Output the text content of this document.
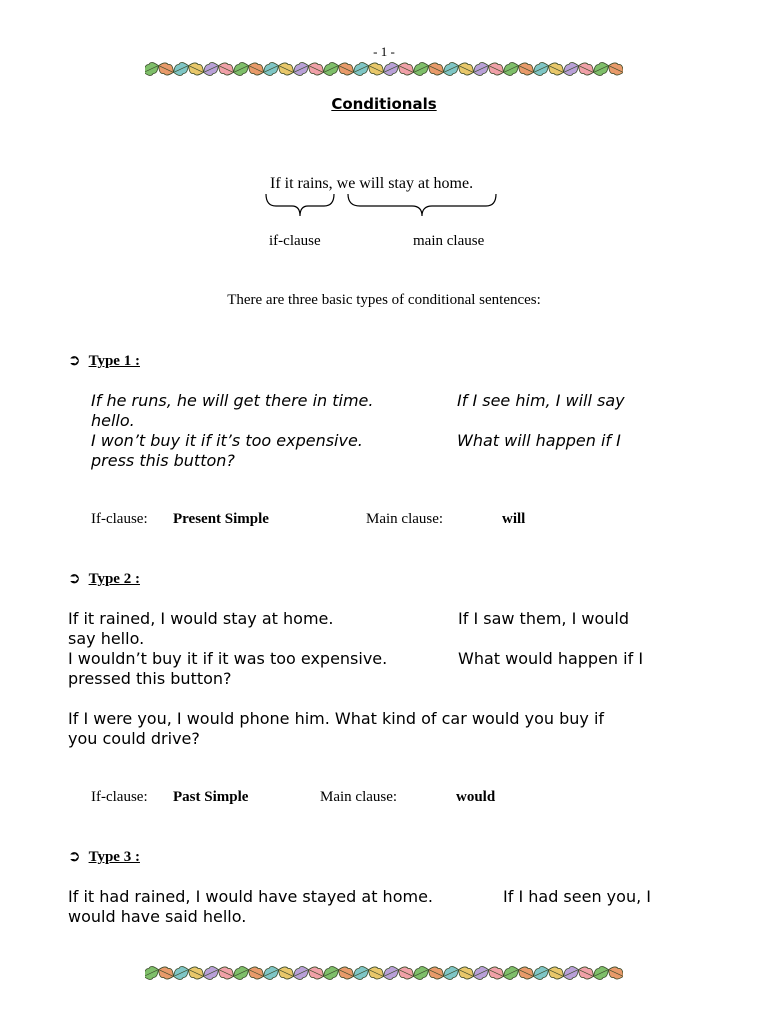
- 1 -
Conditionals
If it rains, we will stay at home.
if-clause	main clause
There are three basic types of conditional sentences:
➲ Type 1 :
If he runs, he will get there in time.	If I see him, I will say
hello.
I won’t buy it if it’s too expensive.	What will happen if I
press this button?
If-clause: Present Simple	Main clause:	will
➲ Type 2 :
If it rained, I would stay at home.	If I saw them, I would
say hello.
I wouldn’t buy it if it was too expensive.	What would happen if I
pressed this button?
If I were you, I would phone him. What kind of car would you buy if
you could drive?
If-clause: Past Simple	Main clause:	would
➲ Type 3 :
If it had rained, I would have stayed at home.	If I had seen you, I
would have said hello.
